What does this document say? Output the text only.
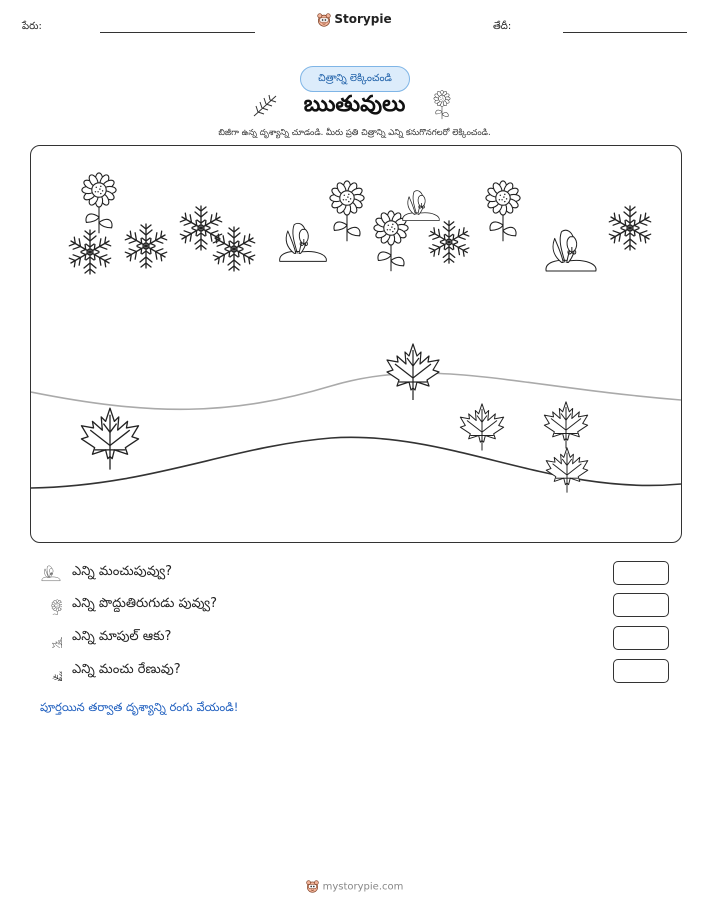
పేరు:
Storypie
తేదీ:
చిత్రాన్ని లెక్కించండి
ఋతువులు
బిజీగా ఉన్న దృశ్యాన్ని చూడండి. మీరు ప్రతి చిత్రాన్ని ఎన్ని కనుగొనగలరో లెక్కించండి.
ఎన్ని మంచుపువ్వు?
ఎన్ని పొద్దుతిరుగుడు పువ్వు?
ఎన్ని మాపుల్ ఆకు?
ఎన్ని మంచు రేణువు?
పూర్తయిన తర్వాత దృశ్యాన్ని రంగు వేయండి!
mystorypie.com
